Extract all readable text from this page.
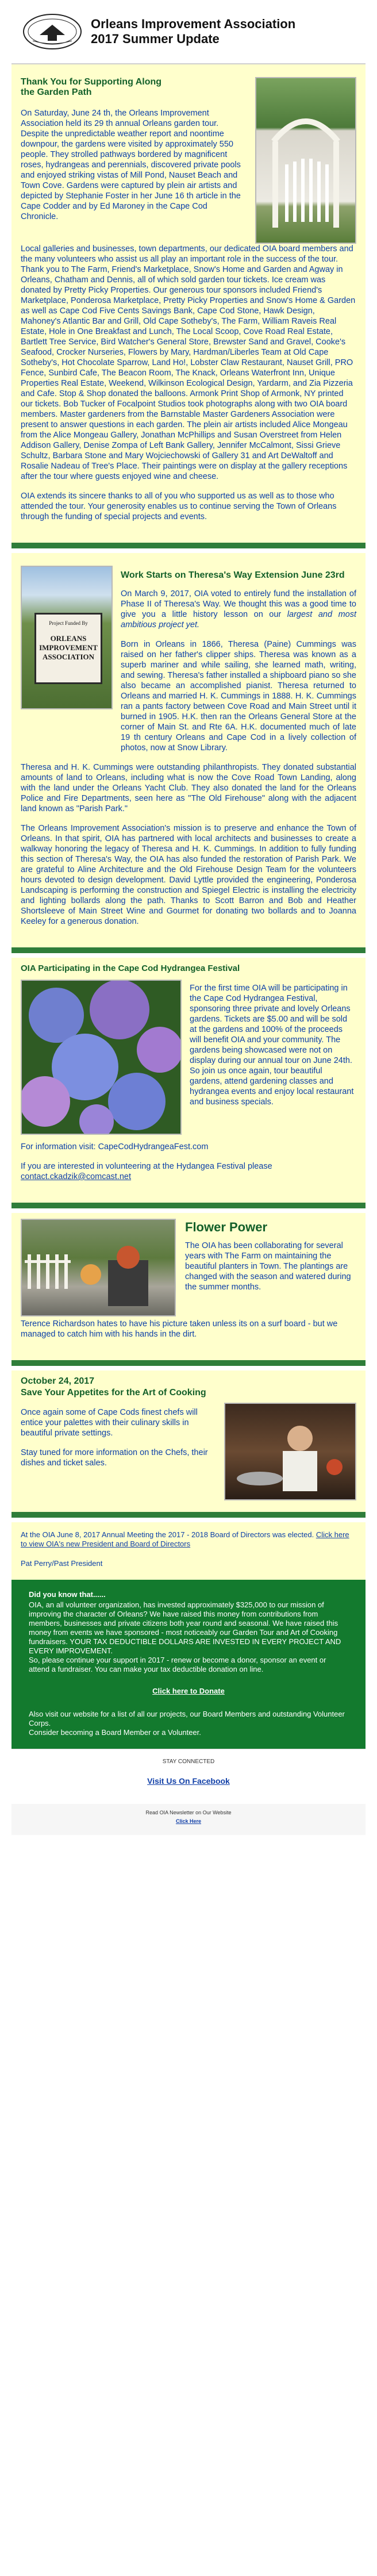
Orleans Improvement Association
2017 Summer Update
Thank You for Supporting Along the Garden Path

On Saturday, June 24 th, the Orleans Improvement Association held its 29 th annual Orleans garden tour. Despite the unpredictable weather report and noontime downpour, the gardens were visited by approximately 550 people. They strolled pathways bordered by magnificent roses, hydrangeas and perennials, discovered private pools and enjoyed striking vistas of Mill Pond, Nauset Beach and Town Cove. Gardens were captured by plein air artists and depicted by Stephanie Foster in her June 16 th article in the Cape Codder and by Ed Maroney in the Cape Cod Chronicle.

Local galleries and businesses, town departments, our dedicated OIA board members and the many volunteers who assist us all play an important role in the success of the tour. Thank you to The Farm, Friend's Marketplace, Snow's Home and Garden and Agway in Orleans, Chatham and Dennis, all of which sold garden tour tickets. Ice cream was donated by Pretty Picky Properties. Our generous tour sponsors included Friend's Marketplace, Ponderosa Marketplace, Pretty Picky Properties and Snow's Home & Garden as well as Cape Cod Five Cents Savings Bank, Cape Cod Stone, Hawk Design, Mahoney's Atlantic Bar and Grill, Old Cape Sotheby's, The Farm, William Raveis Real Estate, Hole in One Breakfast and Lunch, The Local Scoop, Cove Road Real Estate, Bartlett Tree Service, Bird Watcher's General Store, Brewster Sand and Gravel, Cooke's Seafood, Crocker Nurseries, Flowers by Mary, Hardman/Liberles Team at Old Cape Sotheby's, Hot Chocolate Sparrow, Land Ho!, Lobster Claw Restaurant, Nauset Grill, PRO Fence, Sunbird Cafe, The Beacon Room, The Knack, Orleans Waterfront Inn, Unique Properties Real Estate, Weekend, Wilkinson Ecological Design, Yardarm, and Zia Pizzeria and Cafe. Stop & Shop donated the balloons. Armonk Print Shop of Armonk, NY printed our tickets. Bob Tucker of Focalpoint Studios took photographs along with two OIA board members. Master gardeners from the Barnstable Master Gardeners Association were present to answer questions in each garden. The plein air artists included Alice Mongeau from the Alice Mongeau Gallery, Jonathan McPhillips and Susan Overstreet from Helen Addison Gallery, Denise Zompa of Left Bank Gallery, Jennifer McCalmont, Sissi Grieve Schultz, Barbara Stone and Mary Wojciechowski of Gallery 31 and Art DeWaltoff and Rosalie Nadeau of Tree's Place. Their paintings were on display at the gallery receptions after the tour where guests enjoyed wine and cheese.

OIA extends its sincere thanks to all of you who supported us as well as to those who attended the tour. Your generosity enables us to continue serving the Town of Orleans through the funding of special projects and events.

Project Funded By
ORLEANS IMPROVEMENT ASSOCIATION
Work Starts on Theresa's Way Extension June 23rd

On March 9, 2017, OIA voted to entirely fund the installation of Phase II of Theresa's Way. We thought this was a good time to give you a little history lesson on our largest and most ambitious project yet.

Born in Orleans in 1866, Theresa (Paine) Cummings was raised on her father's clipper ships. Theresa was known as a superb mariner and while sailing, she learned math, writing, and sewing. Theresa's father installed a shipboard piano so she also became an accomplished pianist. Theresa returned to Orleans and married H. K. Cummings in 1888. H. K. Cummings ran a pants factory between Cove Road and Main Street until it burned in 1905. H.K. then ran the Orleans General Store at the corner of Main St. and Rte 6A. H.K. documented much of late 19 th century Orleans and Cape Cod in a lively collection of photos, now at Snow Library.

Theresa and H. K. Cummings were outstanding philanthropists. They donated substantial amounts of land to Orleans, including what is now the Cove Road Town Landing, along with the land under the Orleans Yacht Club. They also donated the land for the Orleans Police and Fire Departments, seen here as "The Old Firehouse" along with the adjacent land known as "Parish Park."

The Orleans Improvement Association's mission is to preserve and enhance the Town of Orleans. In that spirit, OIA has partnered with local architects and businesses to create a walkway honoring the legacy of Theresa and H. K. Cummings. In addition to fully funding this section of Theresa's Way, the OIA has also funded the restoration of Parish Park. We are grateful to Aline Architecture and the Old Firehouse Design Team for the volunteers hours devoted to design development. David Lyttle provided the engineering, Ponderosa Landscaping is performing the construction and Spiegel Electric is installing the electricity and lighting bollards along the path. Thanks to Scott Barron and Bob and Heather Shortsleeve of Main Street Wine and Gourmet for donating two bollards and to Joanna Keeley for a generous donation.

OIA Participating in the Cape Cod Hydrangea Festival

For the first time OIA will be participating in the Cape Cod Hydrangea Festival, sponsoring three private and lovely Orleans gardens. Tickets are $5.00 and will be sold at the gardens and 100% of the proceeds will benefit OIA and your community. The gardens being showcased were not on display during our annual tour on June 24th. So join us once again, tour beautiful gardens, attend gardening classes and hydrangea events and enjoy local restaurant and business specials.

For information visit: CapeCodHydrangeaFest.com

If you are interested in volunteering at the Hydangea Festival please contact.ckadzik@comcast.net

Flower Power

The OIA has been collaborating for several years with The Farm on maintaining the beautiful planters in Town. The plantings are changed with the season and watered during the summer months.

Terence Richardson hates to have his picture taken unless its on a surf board - but we managed to catch him with his hands in the dirt.

October 24, 2017
Save Your Appetites for the Art of Cooking

Once again some of Cape Cods finest chefs will entice your palettes with their culinary skills in beautiful private settings.

Stay tuned for more information on the Chefs, their dishes and ticket sales.

At the OIA June 8, 2017 Annual Meeting the 2017 - 2018 Board of Directors was elected. Click here to view OIA's new President and Board of Directors

Pat Perry/Past President

Did you know that......

OIA, an all volunteer organization, has invested approximately $325,000 to our mission of improving the character of Orleans? We have raised this money from contributions from members, businesses and private citizens both year round and seasonal. We have raised this money from events we have sponsored - most noticeably our Garden Tour and Art of Cooking fundraisers. YOUR TAX DEDUCTIBLE DOLLARS ARE INVESTED IN EVERY PROJECT AND EVERY IMPROVEMENT.

So, please continue your support in 2017 - renew or become a donor, sponsor an event or attend a fundraiser. You can make your tax deductible donation on line.

Click here to Donate

Also visit our website for a list of all our projects, our Board Members and outstanding Volunteer Corps.

Consider becoming a Board Member or a Volunteer.

STAY CONNECTED
Visit Us On Facebook
Read OIA Newsletter on Our Website
Click Here
